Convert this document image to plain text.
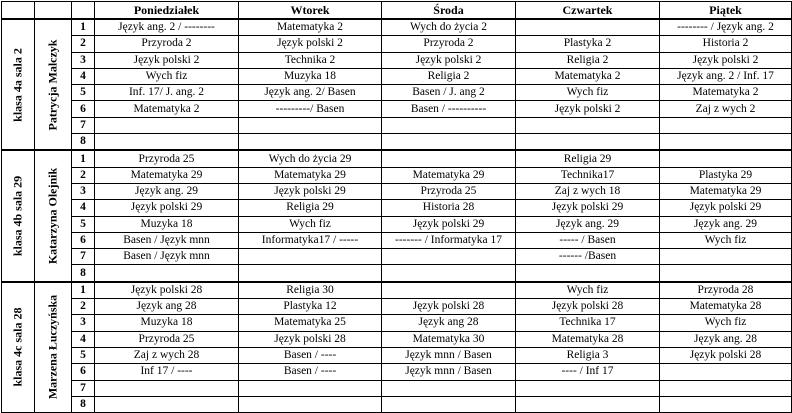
			Poniedziałek	Wtorek	Środa	Czwartek	Piątek

klasa 4a sala 2	Patrycja Malczyk	1	Język ang. 2 / --------	Matematyka 2	Wych do życia 2		-------- / Język ang. 2
		2	Przyroda 2	Język polski 2	Przyroda 2	Plastyka 2	Historia 2
		3	Język polski 2	Technika 2	Język polski 2	Religia 2	Język polski 2
		4	Wych fiz	Muzyka 18	Religia 2	Matematyka 2	Język ang. 2 / Inf. 17
		5	Inf. 17/ J. ang. 2	Język ang. 2/ Basen	Basen / J. ang 2	Wych fiz	Matematyka 2
		6	Matematyka 2	---------/ Basen	Basen / ----------	Język polski 2	Zaj z wych 2
		7					
		8					

klasa 4b sala 29	Katarzyna Olejnik	1	Przyroda 25	Wych do życia 29		Religia 29	
		2	Matematyka 29	Matematyka 29	Matematyka 29	Technika17	Plastyka 29
		3	Język ang. 29	Język polski 29	Przyroda 25	Zaj z wych 18	Matematyka 29
		4	Język polski 29	Religia 29	Historia 28	Język polski 29	Język polski 29
		5	Muzyka 18	Wych fiz	Język polski 29	Język ang. 29	Język ang. 29
		6	Basen / Język mnn	Informatyka17 / -----	------- / Informatyka 17	----- / Basen	Wych fiz
		7	Basen / Język mnn			------ /Basen	
		8					

klasa 4c sala 28	Marzena Łuczyńska	1	Język polski 28	Religia 30		Wych fiz	Przyroda 28
		2	Język ang 28	Plastyka 12	Język polski 28	Język polski 28	Matematyka 28
		3	Muzyka 18	Matematyka 25	Język ang 28	Technika 17	Wych fiz
		4	Przyroda 25	Język polski 28	Matematyka 30	Matematyka 28	Język ang. 28
		5	Zaj z wych 28	Basen / ----	Język mnn / Basen	Religia 3	Język polski 28
		6	Inf 17 / ----	Basen / ----	Język mnn / Basen	---- / Inf 17	
		7					
		8					
